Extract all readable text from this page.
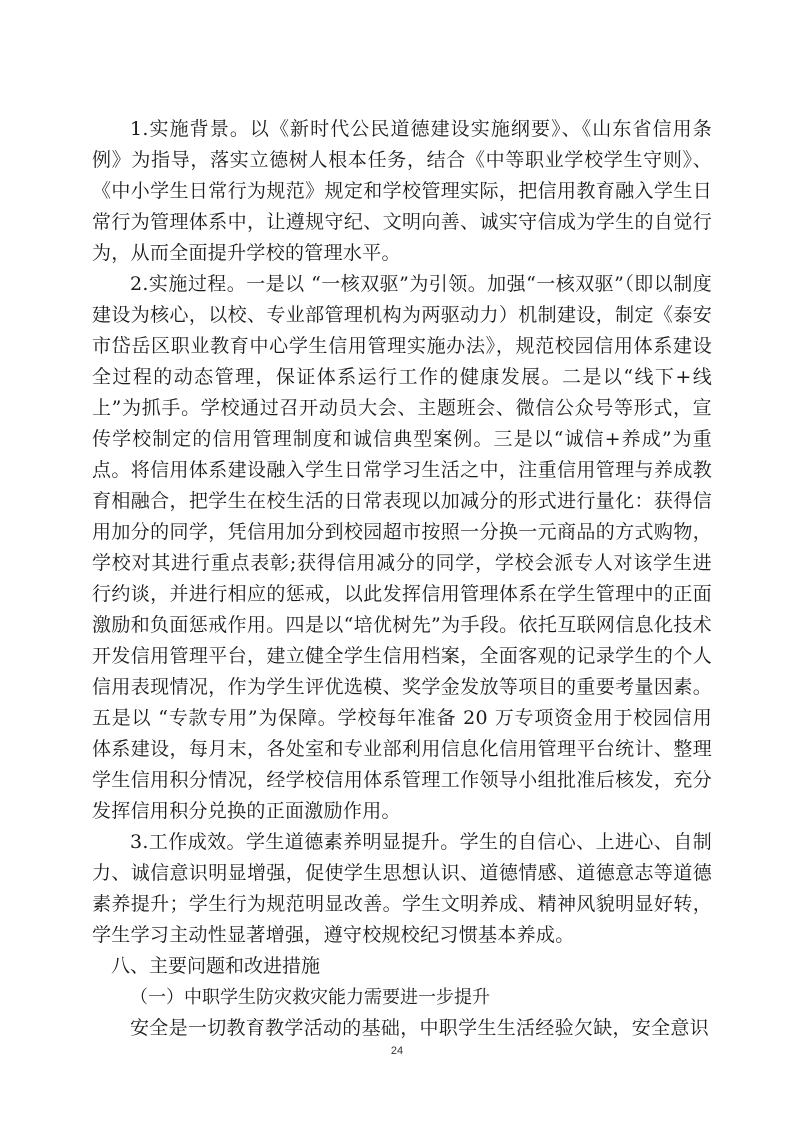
1.实施背景。以《新时代公民道德建设实施纲要》、《山东省信用条例》为指导，落实立德树人根本任务，结合《中等职业学校学生守则》、《中小学生日常行为规范》规定和学校管理实际，把信用教育融入学生日常行为管理体系中，让遵规守纪、文明向善、诚实守信成为学生的自觉行为，从而全面提升学校的管理水平。

2.实施过程。一是以 “一核双驱”为引领。加强“一核双驱”（即以制度建设为核心，以校、专业部管理机构为两驱动力）机制建设，制定《泰安市岱岳区职业教育中心学生信用管理实施办法》，规范校园信用体系建设全过程的动态管理，保证体系运行工作的健康发展。二是以“线下+线上”为抓手。学校通过召开动员大会、主题班会、微信公众号等形式，宣传学校制定的信用管理制度和诚信典型案例。三是以“诚信+养成”为重点。将信用体系建设融入学生日常学习生活之中，注重信用管理与养成教育相融合，把学生在校生活的日常表现以加减分的形式进行量化：获得信用加分的同学，凭信用加分到校园超市按照一分换一元商品的方式购物，学校对其进行重点表彰;获得信用减分的同学，学校会派专人对该学生进行约谈，并进行相应的惩戒，以此发挥信用管理体系在学生管理中的正面激励和负面惩戒作用。四是以“培优树先”为手段。依托互联网信息化技术开发信用管理平台，建立健全学生信用档案，全面客观的记录学生的个人信用表现情况，作为学生评优选模、奖学金发放等项目的重要考量因素。五是以 “专款专用”为保障。学校每年准备 20 万专项资金用于校园信用体系建设，每月末，各处室和专业部利用信息化信用管理平台统计、整理学生信用积分情况，经学校信用体系管理工作领导小组批准后核发，充分发挥信用积分兑换的正面激励作用。

3.工作成效。学生道德素养明显提升。学生的自信心、上进心、自制力、诚信意识明显增强，促使学生思想认识、道德情感、道德意志等道德素养提升；学生行为规范明显改善。学生文明养成、精神风貌明显好转，学生学习主动性显著增强，遵守校规校纪习惯基本养成。

八、主要问题和改进措施

（一）中职学生防灾救灾能力需要进一步提升

安全是一切教育教学活动的基础，中职学生生活经验欠缺，安全意识

24
